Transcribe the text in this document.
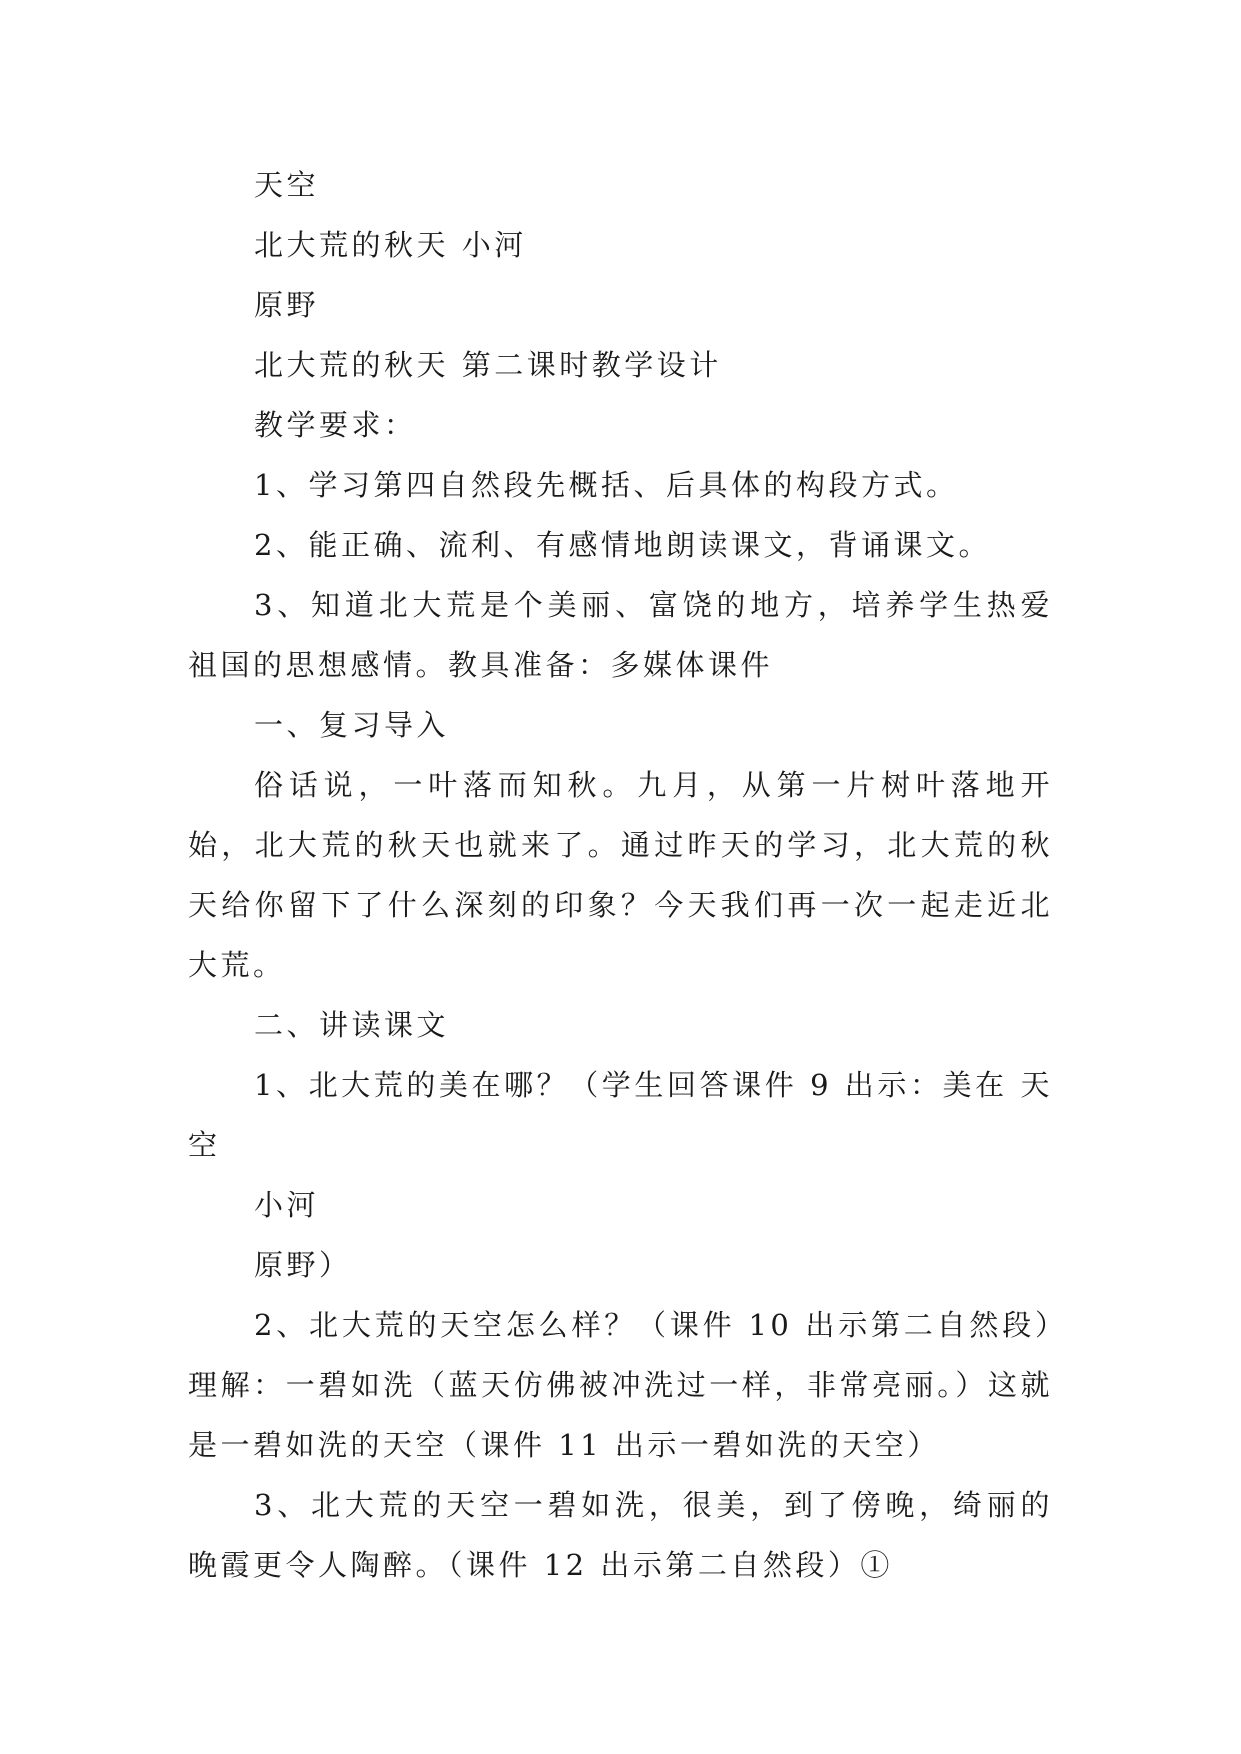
天空

北大荒的秋天 小河

原野

北大荒的秋天 第二课时教学设计

教学要求：

1、学习第四自然段先概括、后具体的构段方式。

2、能正确、流利、有感情地朗读课文，背诵课文。

3、知道北大荒是个美丽、富饶的地方，培养学生热爱祖国的思想感情。教具准备：多媒体课件

一、复习导入

俗话说，一叶落而知秋。九月，从第一片树叶落地开始，北大荒的秋天也就来了。通过昨天的学习，北大荒的秋天给你留下了什么深刻的印象？今天我们再一次一起走近北大荒。

二、讲读课文

1、北大荒的美在哪？（学生回答课件 9 出示：美在 天空

小河

原野）

2、北大荒的天空怎么样？（课件 10 出示第二自然段）理解：一碧如洗（蓝天仿佛被冲洗过一样，非常亮丽。）这就是一碧如洗的天空（课件 11 出示一碧如洗的天空）

3、北大荒的天空一碧如洗，很美，到了傍晚，绮丽的晚霞更令人陶醉。（课件 12 出示第二自然段）①
